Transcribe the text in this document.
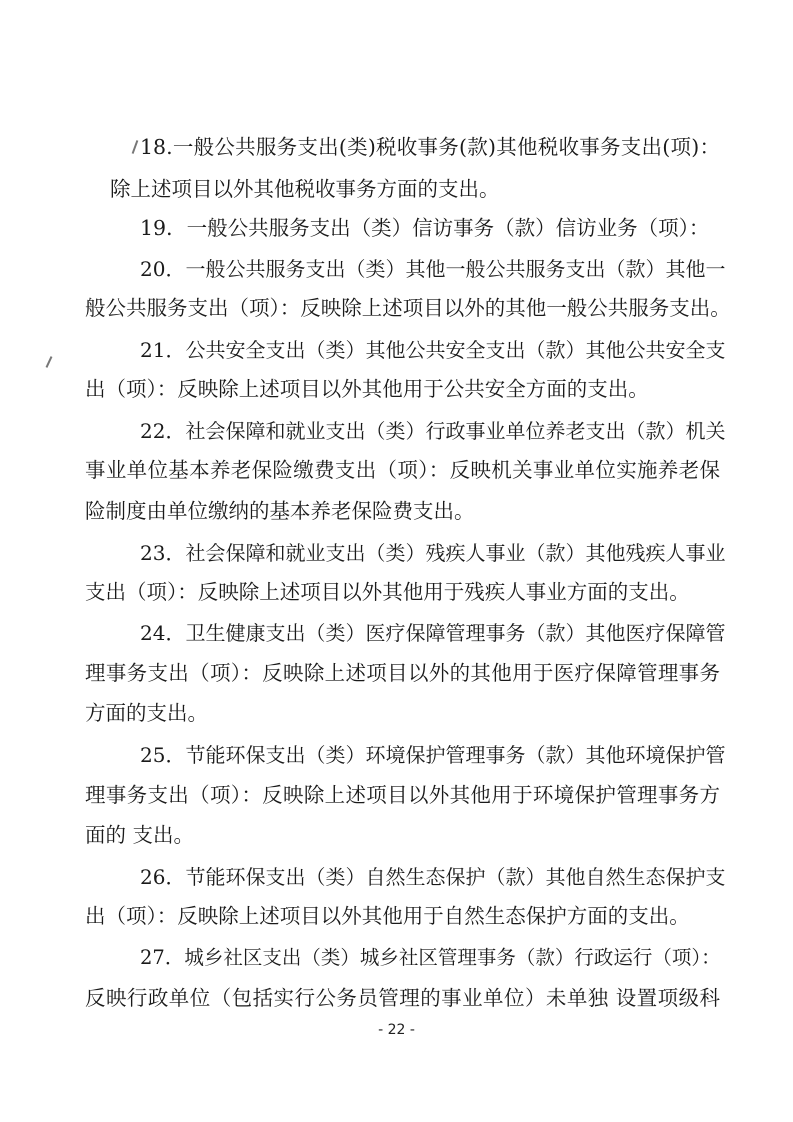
18.一般公共服务支出(类)税收事务(款)其他税收事务支出(项)：
除上述项目以外其他税收事务方面的支出。
19．一般公共服务支出（类）信访事务（款）信访业务（项）：
20．一般公共服务支出（类）其他一般公共服务支出（款）其他一
般公共服务支出（项）：反映除上述项目以外的其他一般公共服务支出。
21．公共安全支出（类）其他公共安全支出（款）其他公共安全支
出（项）：反映除上述项目以外其他用于公共安全方面的支出。
22．社会保障和就业支出（类）行政事业单位养老支出（款）机关
事业单位基本养老保险缴费支出（项）：反映机关事业单位实施养老保
险制度由单位缴纳的基本养老保险费支出。
23．社会保障和就业支出（类）残疾人事业（款）其他残疾人事业
支出（项）：反映除上述项目以外其他用于残疾人事业方面的支出。
24．卫生健康支出（类）医疗保障管理事务（款）其他医疗保障管
理事务支出（项）：反映除上述项目以外的其他用于医疗保障管理事务
方面的支出。
25．节能环保支出（类）环境保护管理事务（款）其他环境保护管
理事务支出（项）：反映除上述项目以外其他用于环境保护管理事务方
面的 支出。
26．节能环保支出（类）自然生态保护（款）其他自然生态保护支
出（项）：反映除上述项目以外其他用于自然生态保护方面的支出。
27．城乡社区支出（类）城乡社区管理事务（款）行政运行（项）：
反映行政单位（包括实行公务员管理的事业单位）未单独 设置项级科
- 22 -
